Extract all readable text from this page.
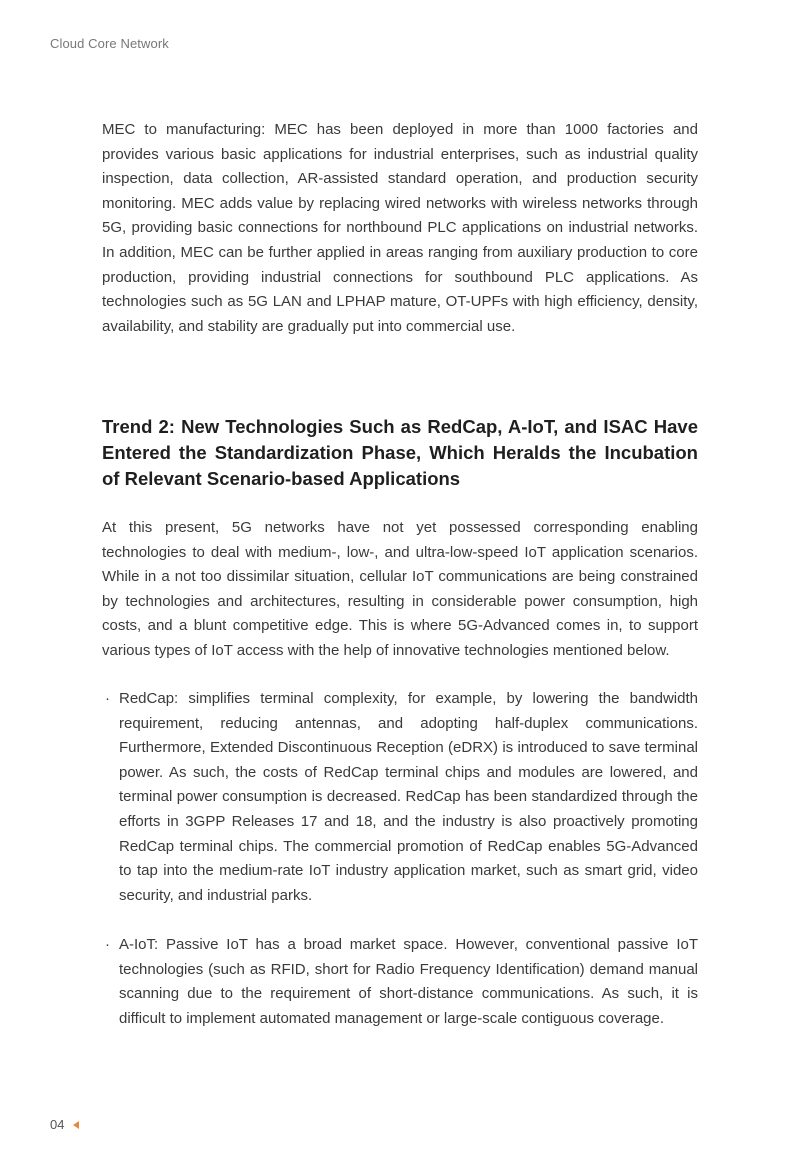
Cloud Core Network

MEC to manufacturing: MEC has been deployed in more than 1000 factories and provides various basic applications for industrial enterprises, such as industrial quality inspection, data collection, AR-assisted standard operation, and production security monitoring. MEC adds value by replacing wired networks with wireless networks through 5G, providing basic connections for northbound PLC applications on industrial networks. In addition, MEC can be further applied in areas ranging from auxiliary production to core production, providing industrial connections for southbound PLC applications. As technologies such as 5G LAN and LPHAP mature, OT-UPFs with high efficiency, density, availability, and stability are gradually put into commercial use.

Trend 2: New Technologies Such as RedCap, A-IoT, and ISAC Have Entered the Standardization Phase, Which Heralds the Incubation of Relevant Scenario-based Applications

At this present, 5G networks have not yet possessed corresponding enabling technologies to deal with medium-, low-, and ultra-low-speed IoT application scenarios. While in a not too dissimilar situation, cellular IoT communications are being constrained by technologies and architectures, resulting in considerable power consumption, high costs, and a blunt competitive edge. This is where 5G-Advanced comes in, to support various types of IoT access with the help of innovative technologies mentioned below.

· RedCap: simplifies terminal complexity, for example, by lowering the bandwidth requirement, reducing antennas, and adopting half-duplex communications. Furthermore, Extended Discontinuous Reception (eDRX) is introduced to save terminal power. As such, the costs of RedCap terminal chips and modules are lowered, and terminal power consumption is decreased. RedCap has been standardized through the efforts in 3GPP Releases 17 and 18, and the industry is also proactively promoting RedCap terminal chips. The commercial promotion of RedCap enables 5G-Advanced to tap into the medium-rate IoT industry application market, such as smart grid, video security, and industrial parks.
· A-IoT: Passive IoT has a broad market space. However, conventional passive IoT technologies (such as RFID, short for Radio Frequency Identification) demand manual scanning due to the requirement of short-distance communications. As such, it is difficult to implement automated management or large-scale contiguous coverage.
04
